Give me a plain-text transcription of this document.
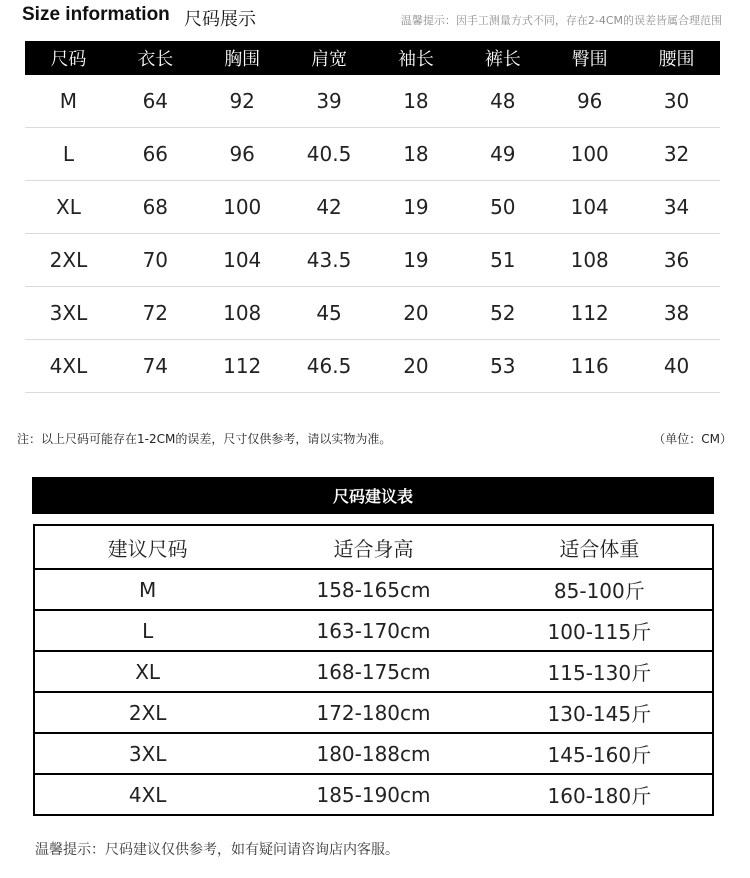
Size information 尺码展示	温馨提示：因手工测量方式不同，存在2-4CM的误差皆属合理范围
尺码	衣长	胸围	肩宽	袖长	裤长	臀围	腰围
M	64	92	39	18	48	96	30
L	66	96	40.5	18	49	100	32
XL	68	100	42	19	50	104	34
2XL	70	104	43.5	19	51	108	36
3XL	72	108	45	20	52	112	38
4XL	74	112	46.5	20	53	116	40
注：以上尺码可能存在1-2CM的误差，尺寸仅供参考，请以实物为准。	（单位：CM）
尺码建议表
建议尺码	适合身高	适合体重
M	158-165cm	85-100斤
L	163-170cm	100-115斤
XL	168-175cm	115-130斤
2XL	172-180cm	130-145斤
3XL	180-188cm	145-160斤
4XL	185-190cm	160-180斤
温馨提示：尺码建议仅供参考，如有疑问请咨询店内客服。
